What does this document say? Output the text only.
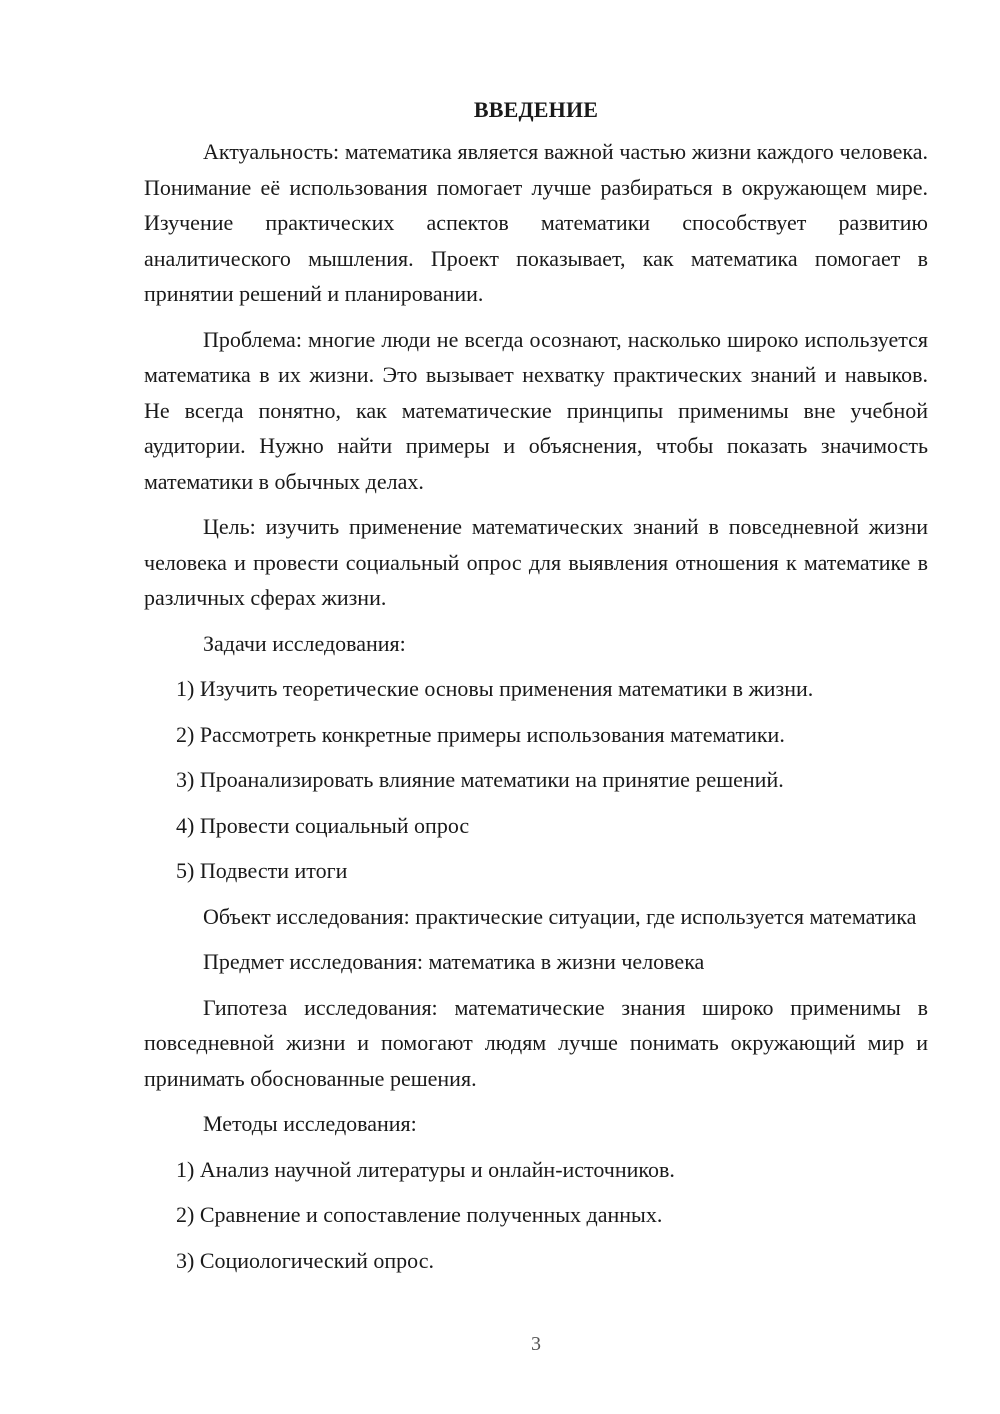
ВВЕДЕНИЕ

Актуальность: математика является важной частью жизни каждого человека. Понимание её использования помогает лучше разбираться в окружающем мире. Изучение практических аспектов математики способствует развитию аналитического мышления. Проект показывает, как математика помогает в принятии решений и планировании.

Проблема: многие люди не всегда осознают, насколько широко используется математика в их жизни. Это вызывает нехватку практических знаний и навыков. Не всегда понятно, как математические принципы применимы вне учебной аудитории. Нужно найти примеры и объяснения, чтобы показать значимость математики в обычных делах.

Цель: изучить применение математических знаний в повседневной жизни человека и провести социальный опрос для выявления отношения к математике в различных сферах жизни.

Задачи исследования:
1) Изучить теоретические основы применения математики в жизни.
2) Рассмотреть конкретные примеры использования математики.
3) Проанализировать влияние математики на принятие решений.
4) Провести социальный опрос
5) Подвести итоги

Объект исследования: практические ситуации, где используется математика

Предмет исследования: математика в жизни человека

Гипотеза исследования: математические знания широко применимы в повседневной жизни и помогают людям лучше понимать окружающий мир и принимать обоснованные решения.

Методы исследования:
1) Анализ научной литературы и онлайн-источников.
2) Сравнение и сопоставление полученных данных.
3) Социологический опрос.
3
